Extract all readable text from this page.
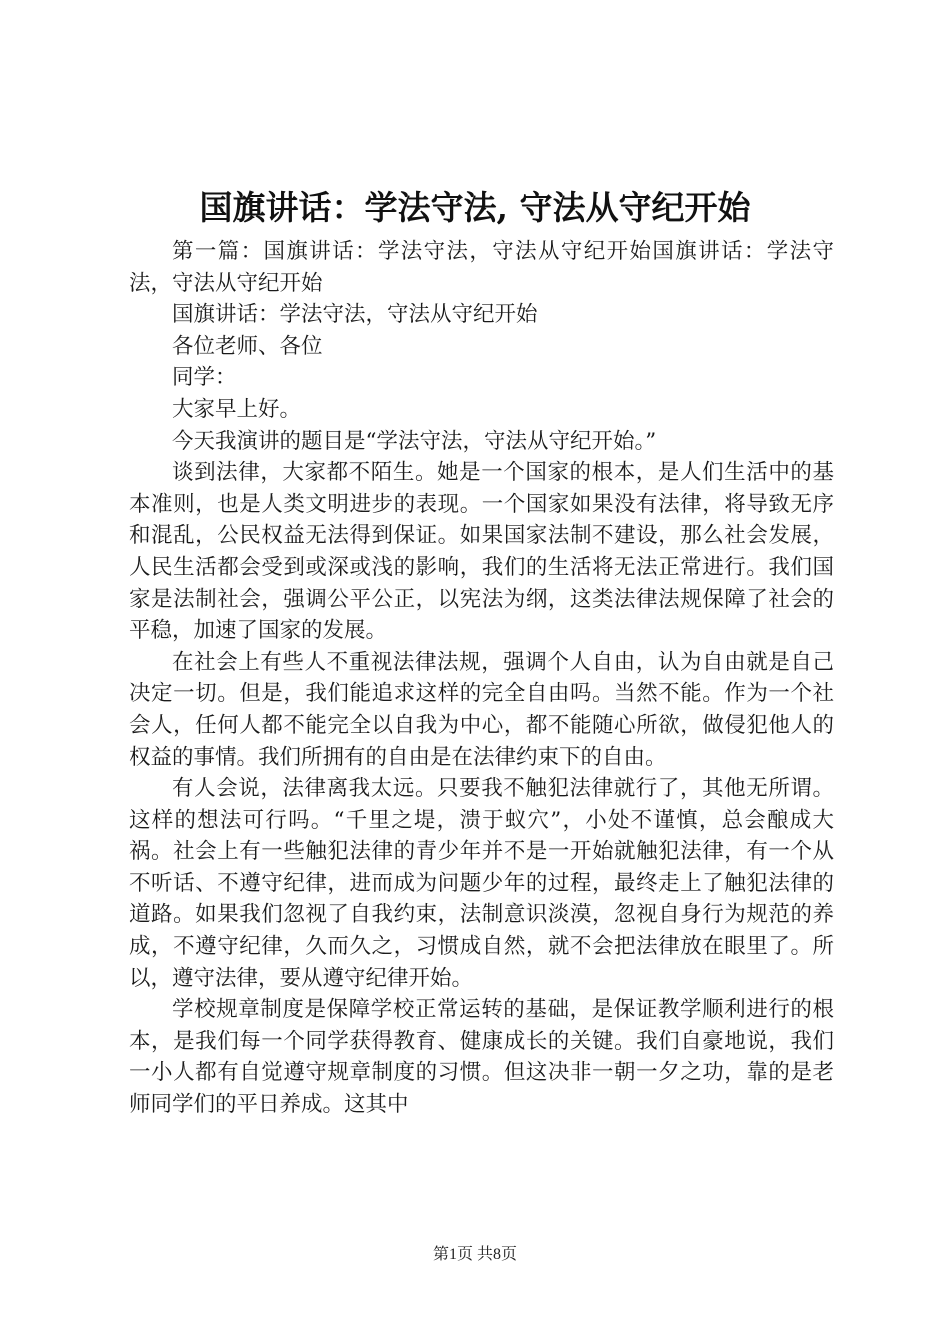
国旗讲话：学法守法, 守法从守纪开始

第一篇：国旗讲话：学法守法，守法从守纪开始国旗讲话：学法守法，守法从守纪开始

国旗讲话：学法守法，守法从守纪开始

各位老师、各位

同学：

大家早上好。

今天我演讲的题目是“学法守法，守法从守纪开始。”

谈到法律，大家都不陌生。她是一个国家的根本，是人们生活中的基本准则，也是人类文明进步的表现。一个国家如果没有法律，将导致无序和混乱，公民权益无法得到保证。如果国家法制不建设，那么社会发展，人民生活都会受到或深或浅的影响，我们的生活将无法正常进行。我们国家是法制社会，强调公平公正，以宪法为纲，这类法律法规保障了社会的平稳，加速了国家的发展。

在社会上有些人不重视法律法规，强调个人自由，认为自由就是自己决定一切。但是，我们能追求这样的完全自由吗。当然不能。作为一个社会人，任何人都不能完全以自我为中心，都不能随心所欲，做侵犯他人的权益的事情。我们所拥有的自由是在法律约束下的自由。

有人会说，法律离我太远。只要我不触犯法律就行了，其他无所谓。这样的想法可行吗。“千里之堤，溃于蚁穴”，小处不谨慎，总会酿成大祸。社会上有一些触犯法律的青少年并不是一开始就触犯法律，有一个从不听话、不遵守纪律，进而成为问题少年的过程，最终走上了触犯法律的道路。如果我们忽视了自我约束，法制意识淡漠，忽视自身行为规范的养成，不遵守纪律，久而久之，习惯成自然，就不会把法律放在眼里了。所以，遵守法律，要从遵守纪律开始。

学校规章制度是保障学校正常运转的基础，是保证教学顺利进行的根本，是我们每一个同学获得教育、健康成长的关键。我们自豪地说，我们一小人都有自觉遵守规章制度的习惯。但这决非一朝一夕之功，靠的是老师同学们的平日养成。这其中

第1页 共8页
